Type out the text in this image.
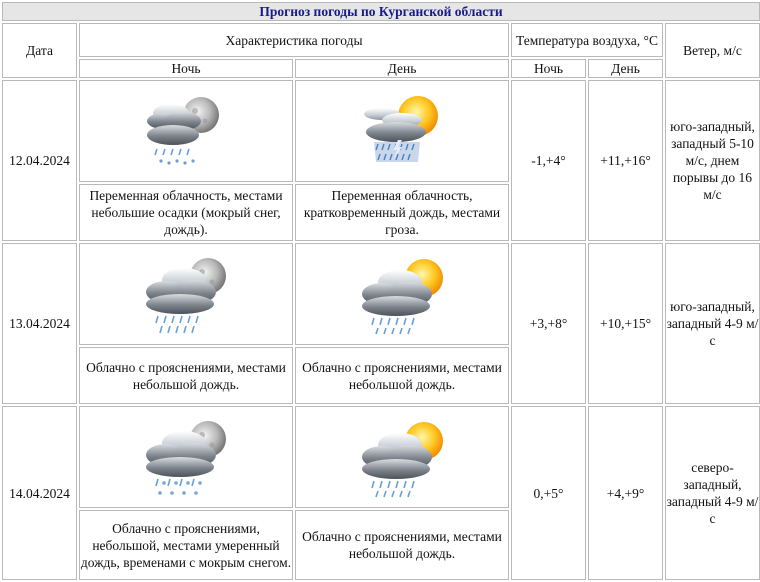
Прогноз погоды по Курганской области					
Дата	Характеристика погоды		Температура воздуха, °C		Ветер, м/с
	Ночь	День	Ночь	День	
12.04.2024			-1,+4°	+11,+16°	юго-западный, западный 5-10 м/с, днем порывы до 16 м/с
	Переменная облачность, местами небольшие осадки (мокрый снег, дождь).	Переменная облачность, кратковременный дождь, местами гроза.			
13.04.2024			+3,+8°	+10,+15°	юго-западный, западный 4-9 м/с
	Облачно с прояснениями, местами небольшой дождь.	Облачно с прояснениями, местами небольшой дождь.			
14.04.2024			0,+5°	+4,+9°	северо-западный, западный 4-9 м/с
	Облачно с прояснениями, небольшой, местами умеренный дождь, временами с мокрым снегом.	Облачно с прояснениями, местами небольшой дождь.			
